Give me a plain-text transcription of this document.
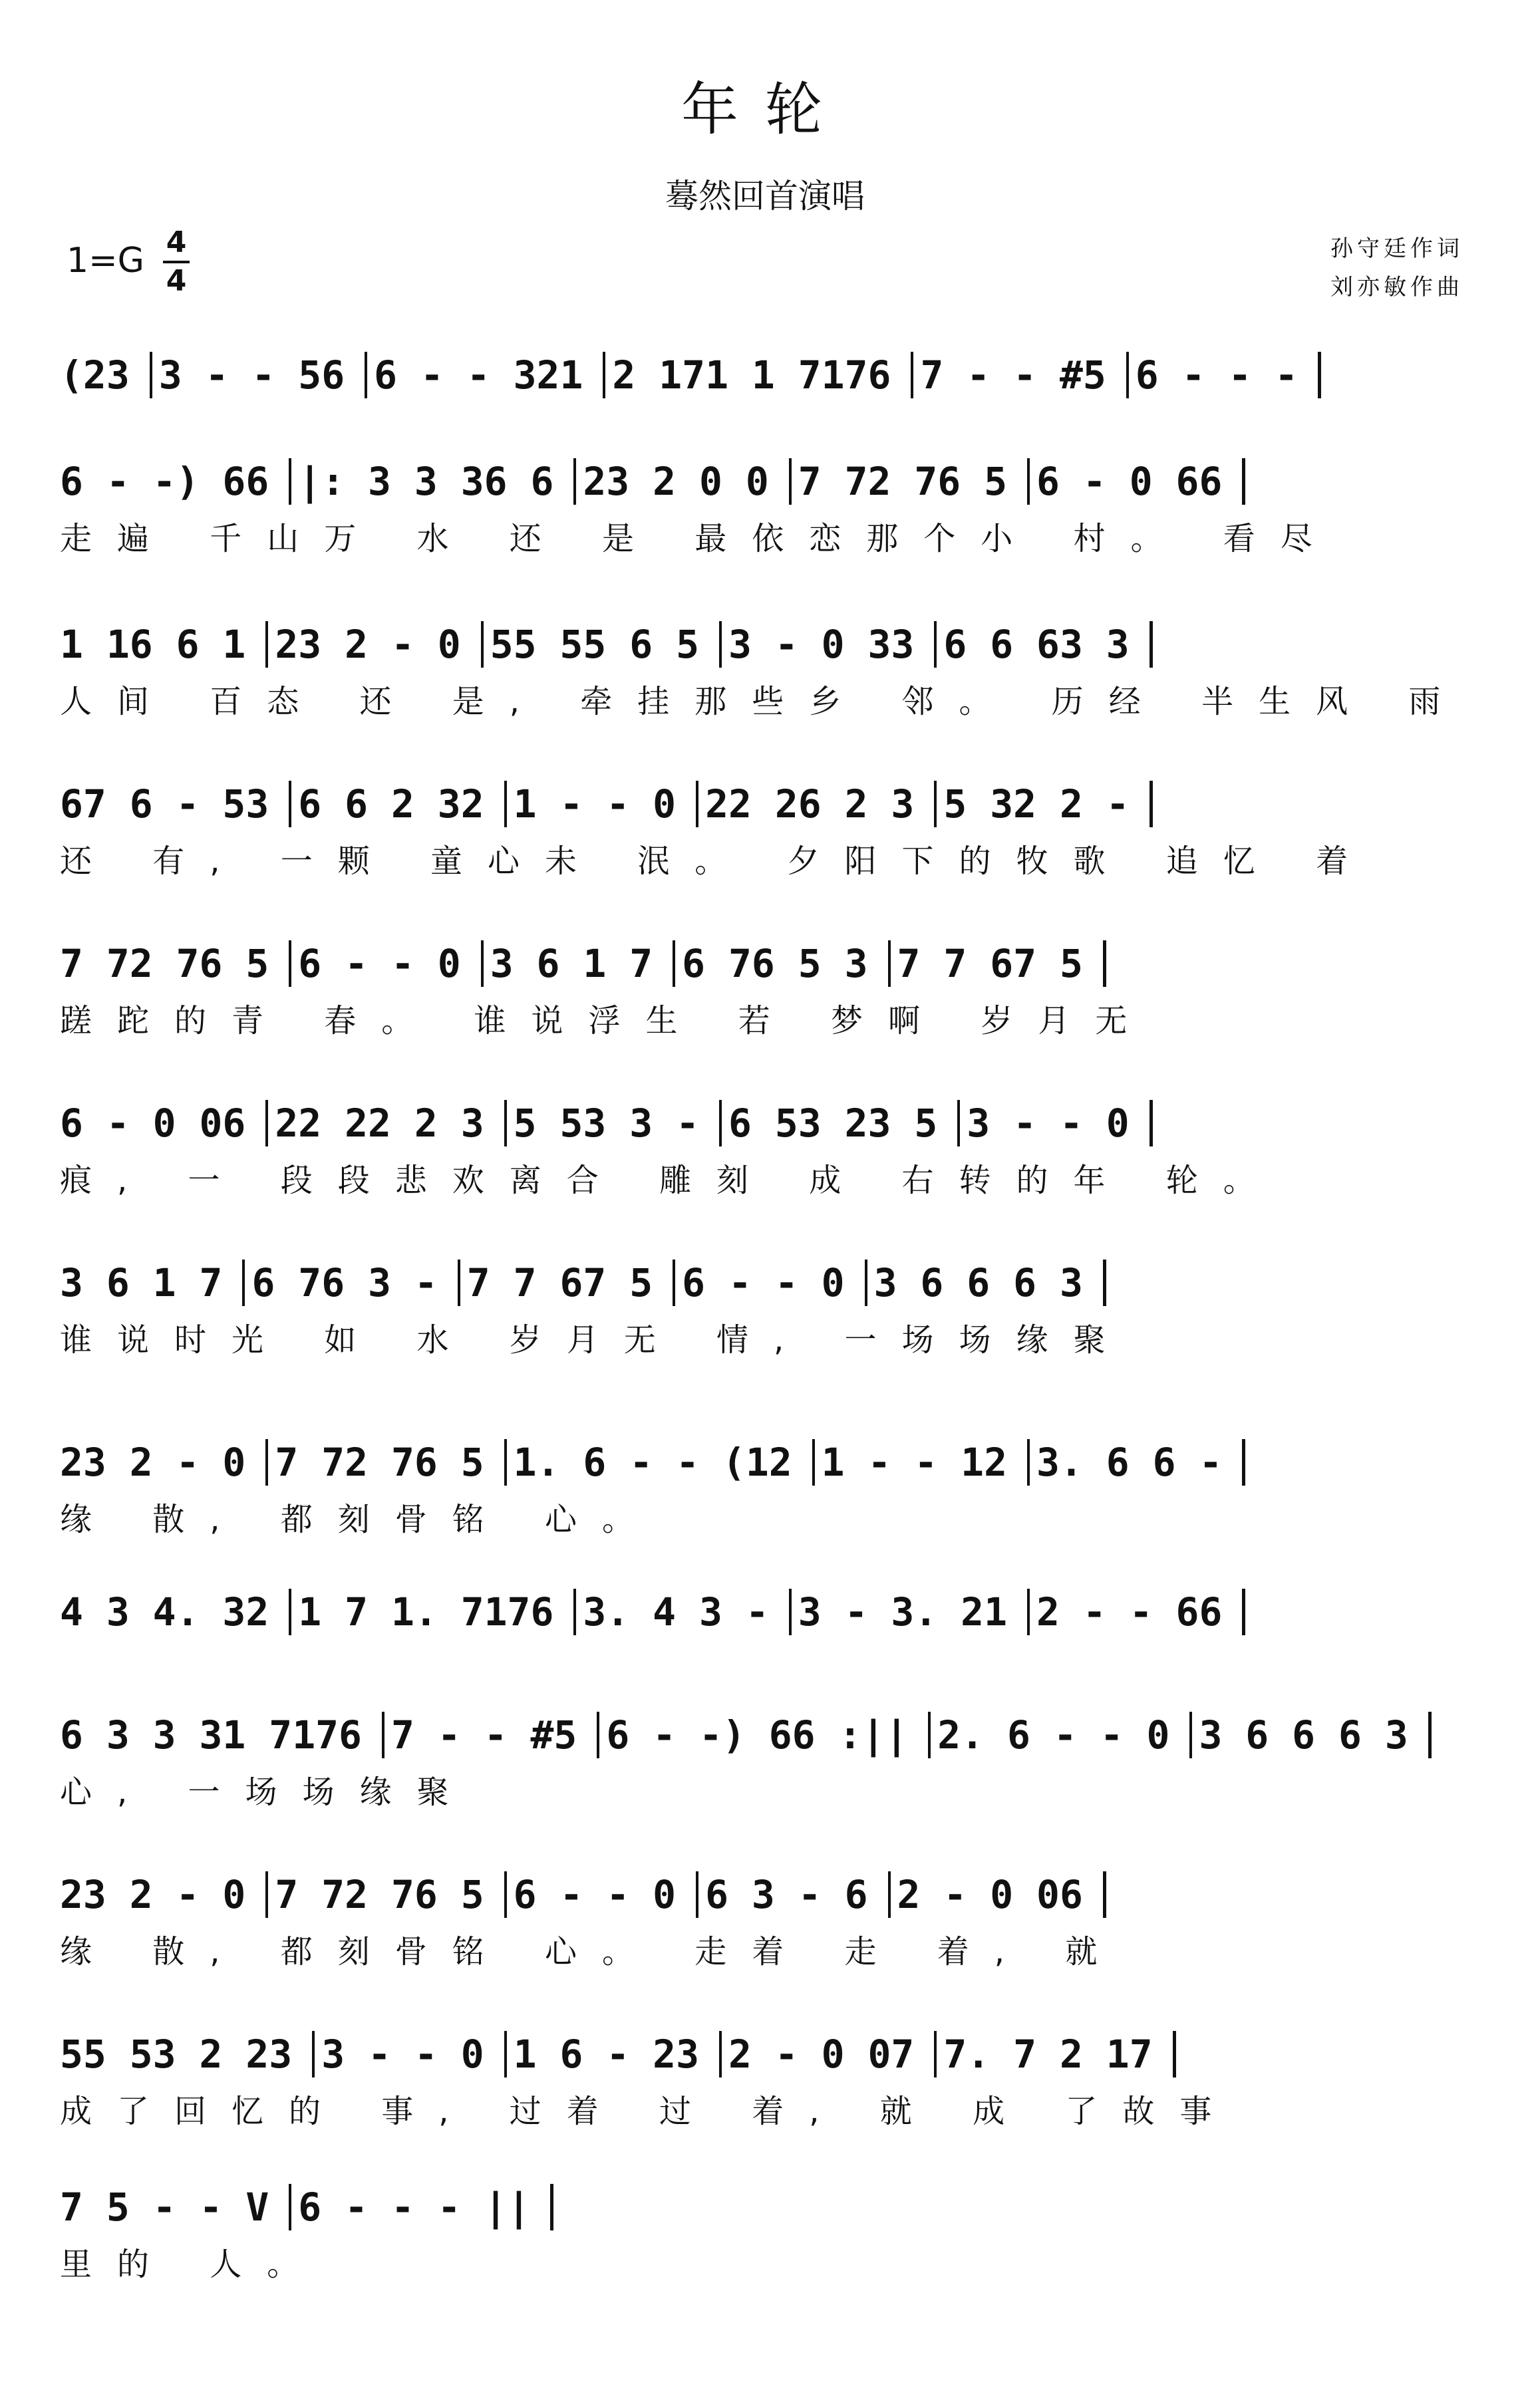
年轮
蓦然回首演唱
1=G 4
4
孙守廷作词
刘亦敏作曲
(23 3 - - 56 6 - - 321 2 171 1 7176 7 - - #5 6 - - -
6 - -) 66 |: 3 3 36 6 23 2 0 0 7 72 76 5 6 - 0 66
走遍 千山万 水 还 是 最依恋那个小 村。 看尽
1 16 6 1 23 2 - 0 55 55 6 5 3 - 0 33 6 6 63 3
人间 百态 还 是, 牵挂那些乡 邻。 历经 半生风 雨
67 6 - 53 6 6 2 32 1 - - 0 22 26 2 3 5 32 2 -
还 有, 一颗 童心未 泯。 夕阳下的牧歌 追忆 着
7 72 76 5 6 - - 0 3 6 1 7 6 76 5 3 7 7 67 5
蹉跎的青 春。 谁说浮生 若 梦啊 岁月无
6 - 0 06 22 22 2 3 5 53 3 - 6 53 23 5 3 - - 0
痕, 一 段段悲欢离合 雕刻 成 右转的年 轮。
3 6 1 7 6 76 3 - 7 7 67 5 6 - - 0 3 6 6 6 3
谁说时光 如 水 岁月无 情, 一场场缘聚
23 2 - 0 7 72 76 5 1. 6 - - (12 1 - - 12 3. 6 6 -
缘 散, 都刻骨铭 心。
4 3 4. 32 1 7 1. 7176 3. 4 3 - 3 - 3. 21 2 - - 66
6 3 3 31 7176 7 - - #5 6 - -) 66 :|| 2. 6 - - 0 3 6 6 6 3
心, 一场场缘聚
23 2 - 0 7 72 76 5 6 - - 0 6 3 - 6 2 - 0 06
缘 散, 都刻骨铭 心。 走着 走 着, 就
55 53 2 23 3 - - 0 1 6 - 23 2 - 0 07 7. 7 2 17
成了回忆的 事, 过着 过 着, 就 成 了故事
7 5 - - V 6 - - - ||
里的 人。
